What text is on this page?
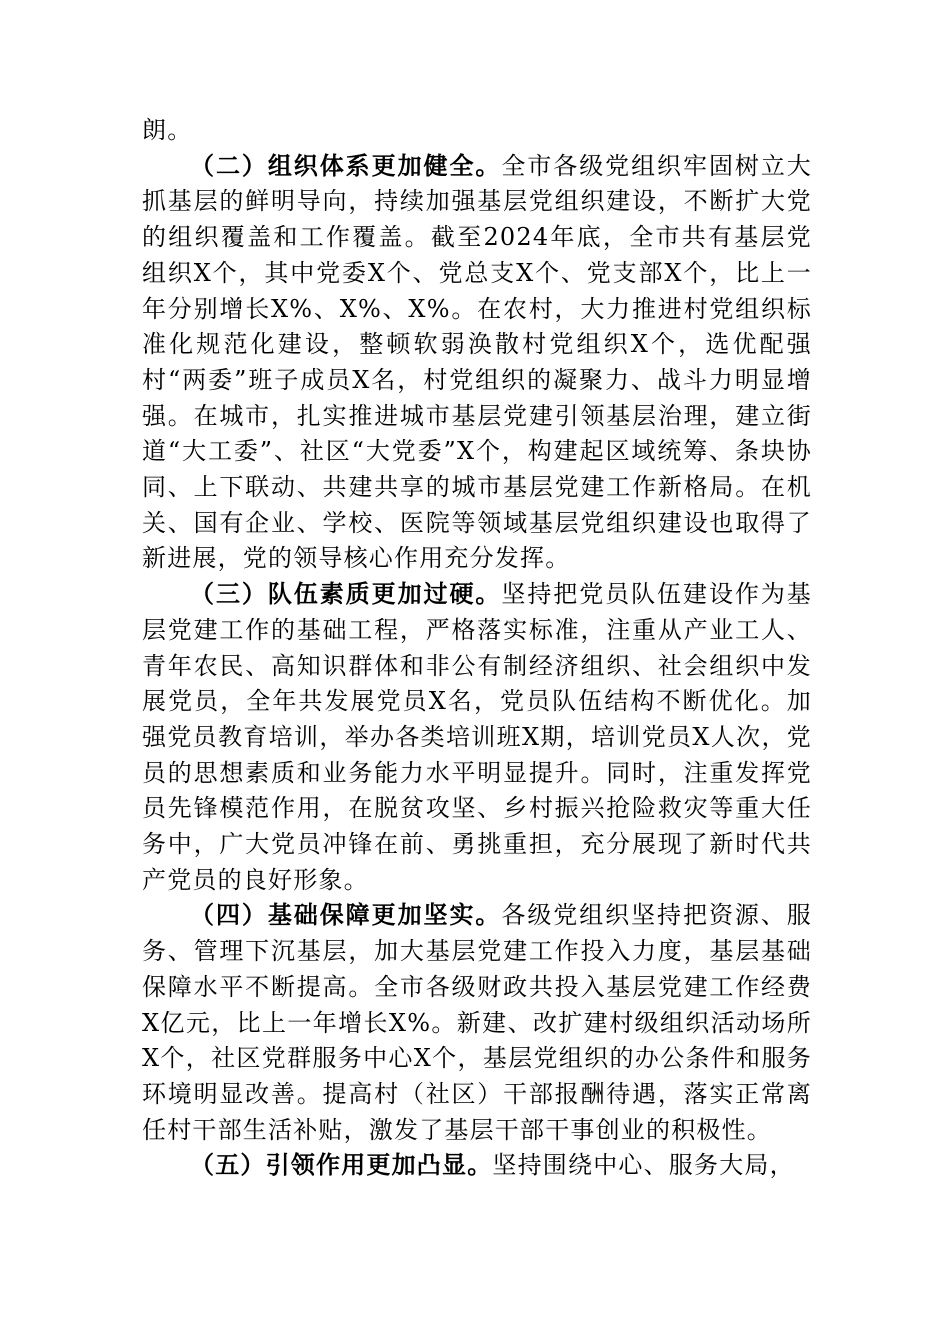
朗。

（二）组织体系更加健全。全市各级党组织牢固树立大抓基层的鲜明导向，持续加强基层党组织建设，不断扩大党的组织覆盖和工作覆盖。截至2024年底，全市共有基层党组织X个，其中党委X个、党总支X个、党支部X个，比上一年分别增长X%、X%、X%。在农村，大力推进村党组织标准化规范化建设，整顿软弱涣散村党组织X个，选优配强村“两委”班子成员X名，村党组织的凝聚力、战斗力明显增强。在城市，扎实推进城市基层党建引领基层治理，建立街道“大工委”、社区“大党委”X个，构建起区域统筹、条块协同、上下联动、共建共享的城市基层党建工作新格局。在机关、国有企业、学校、医院等领域基层党组织建设也取得了新进展，党的领导核心作用充分发挥。

（三）队伍素质更加过硬。坚持把党员队伍建设作为基层党建工作的基础工程，严格落实标准，注重从产业工人、青年农民、高知识群体和非公有制经济组织、社会组织中发展党员，全年共发展党员X名，党员队伍结构不断优化。加强党员教育培训，举办各类培训班X期，培训党员X人次，党员的思想素质和业务能力水平明显提升。同时，注重发挥党员先锋模范作用，在脱贫攻坚、乡村振兴抢险救灾等重大任务中，广大党员冲锋在前、勇挑重担，充分展现了新时代共产党员的良好形象。

（四）基础保障更加坚实。各级党组织坚持把资源、服务、管理下沉基层，加大基层党建工作投入力度，基层基础保障水平不断提高。全市各级财政共投入基层党建工作经费X亿元，比上一年增长X%。新建、改扩建村级组织活动场所X个，社区党群服务中心X个，基层党组织的办公条件和服务环境明显改善。提高村（社区）干部报酬待遇，落实正常离任村干部生活补贴，激发了基层干部干事创业的积极性。

（五）引领作用更加凸显。坚持围绕中心、服务大局，
